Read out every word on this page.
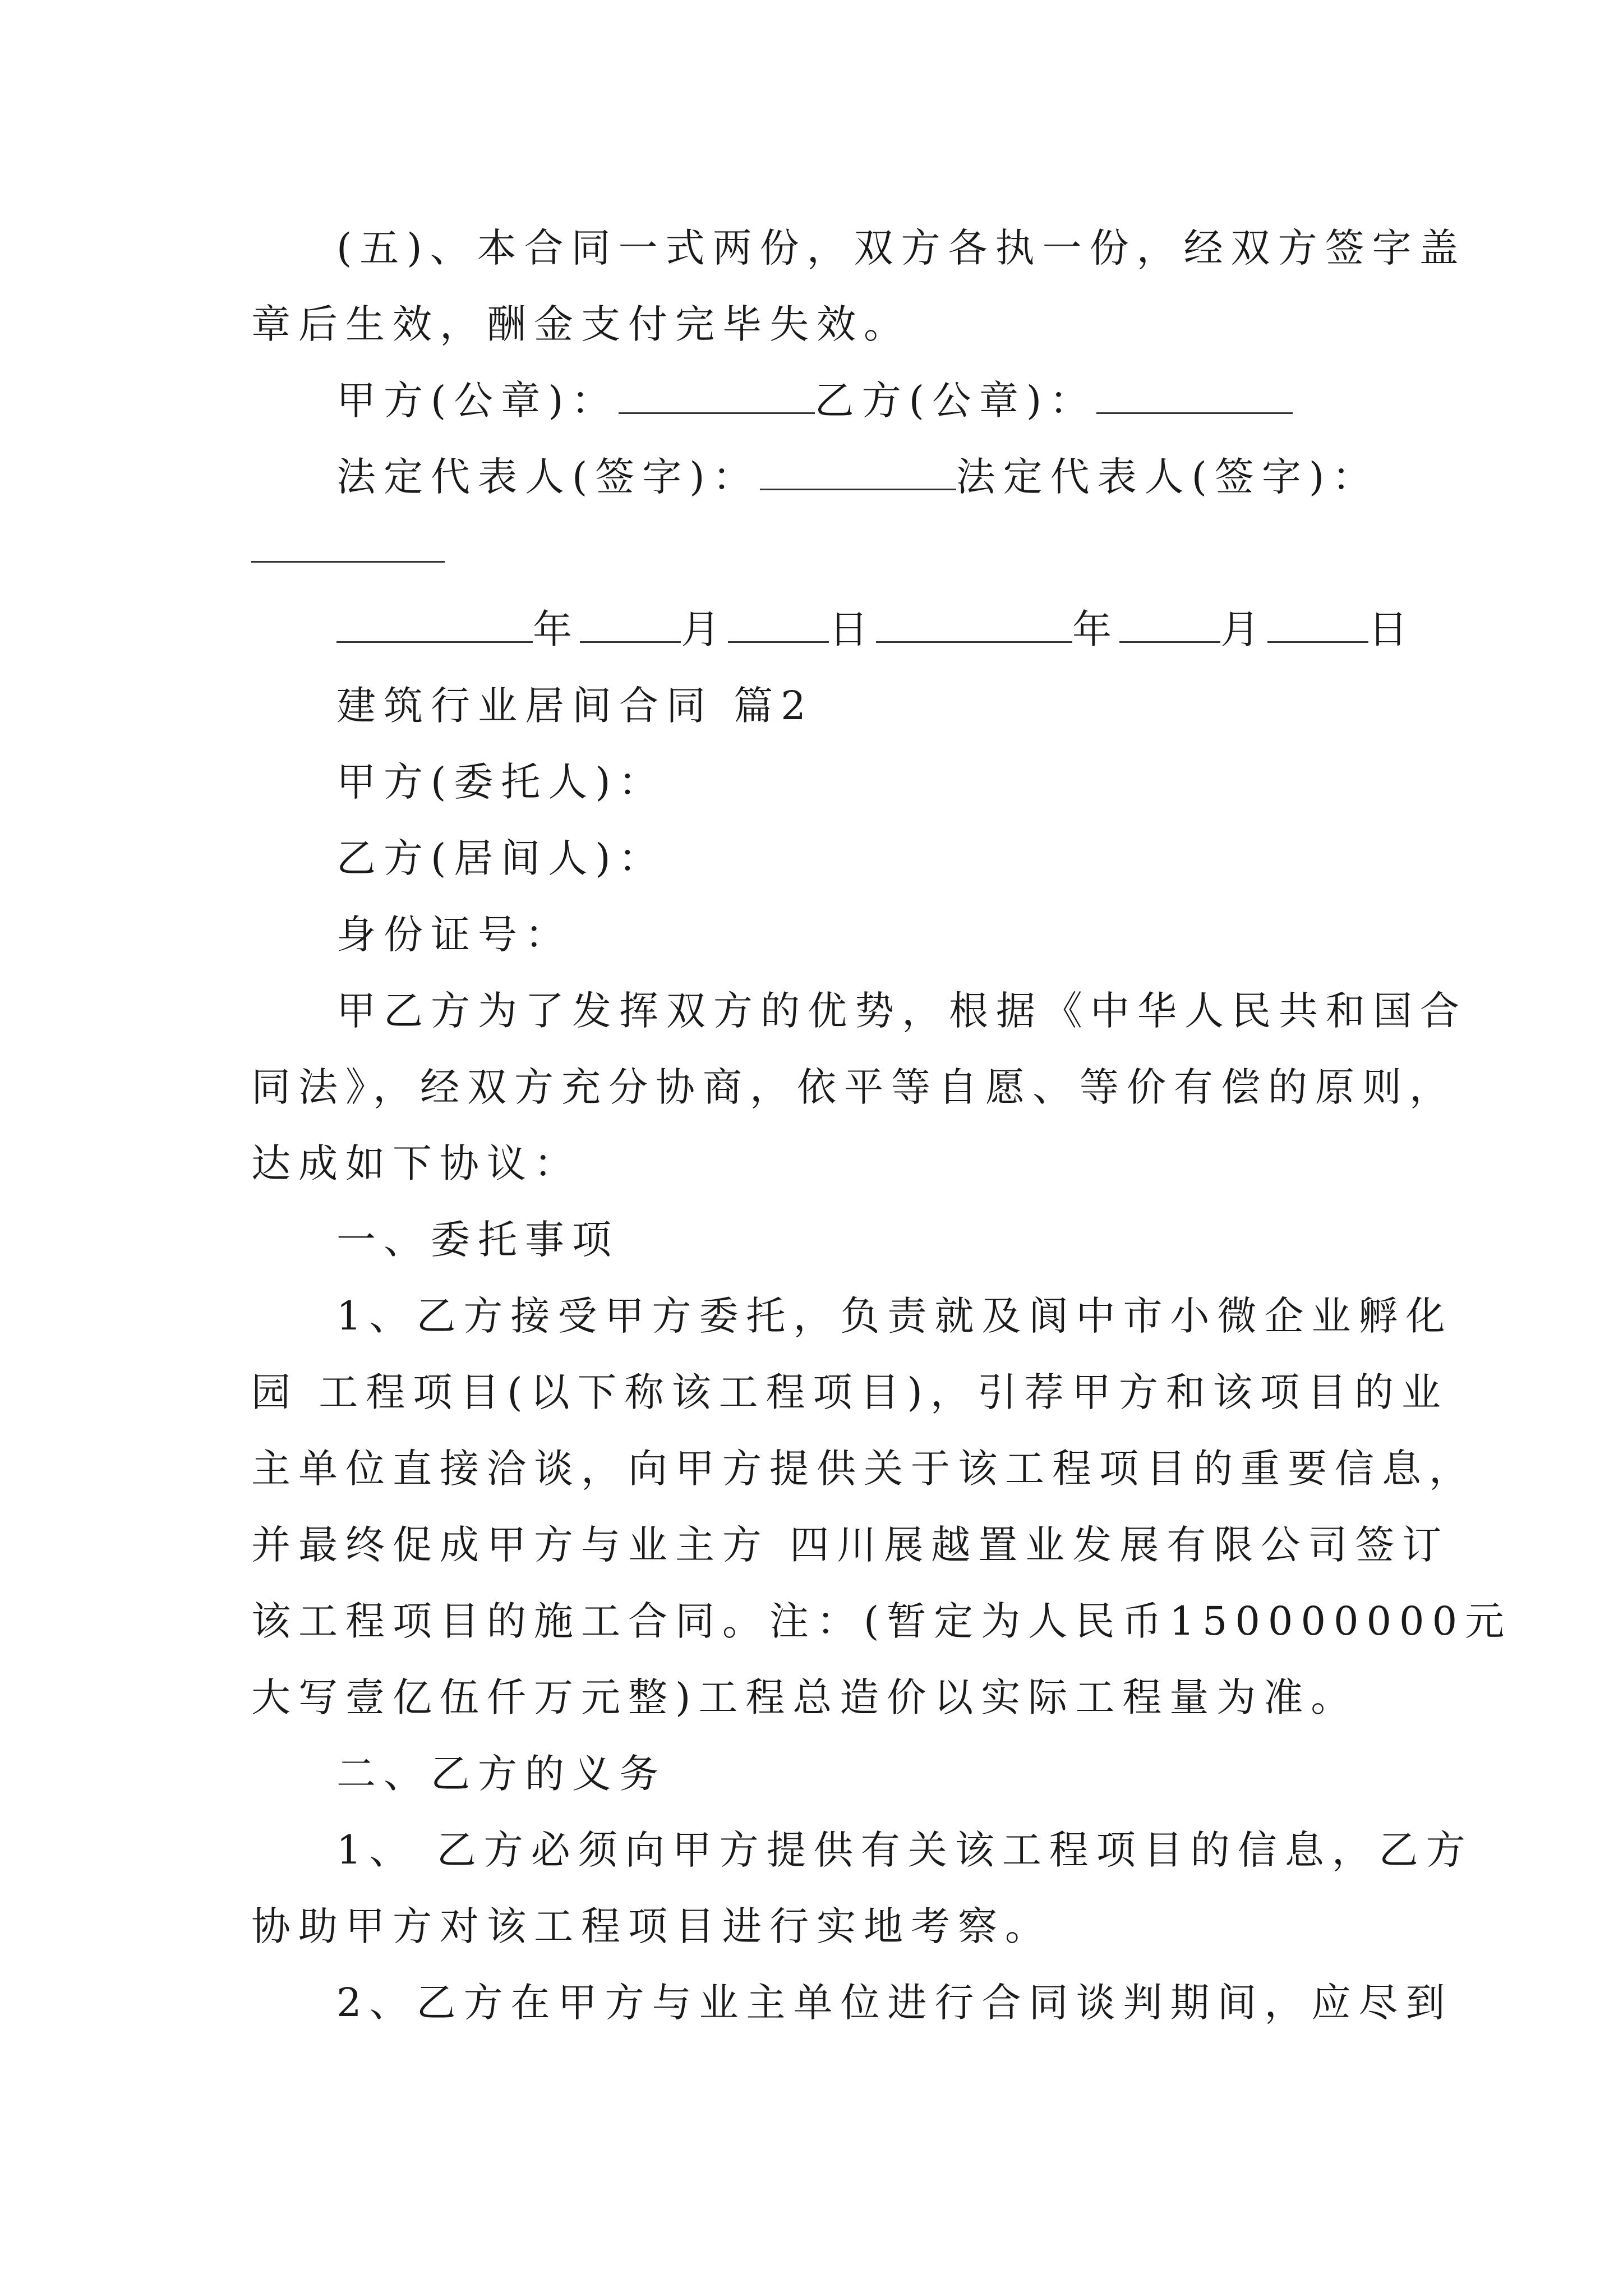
(五)、本合同一式两份，双方各执一份，经双方签字盖
章后生效，酬金支付完毕失效。
甲方(公章)：	乙方(公章)：
法定代表人(签字)：	法定代表人(签字)：
年	月	日	年	月	日
建筑行业居间合同 篇2
甲方(委托人)：
乙方(居间人)：
身份证号：
甲乙方为了发挥双方的优势，根据《中华人民共和国合
同法》，经双方充分协商，依平等自愿、等价有偿的原则，
达成如下协议：
一、委托事项
1、乙方接受甲方委托，负责就及阆中市小微企业孵化
园 工程项目(以下称该工程项目)，引荐甲方和该项目的业
主单位直接洽谈，向甲方提供关于该工程项目的重要信息，
并最终促成甲方与业主方 四川展越置业发展有限公司签订
该工程项目的施工合同。注：(暂定为人民币150000000元
大写壹亿伍仟万元整)工程总造价以实际工程量为准。
二、乙方的义务
1、 乙方必须向甲方提供有关该工程项目的信息，乙方
协助甲方对该工程项目进行实地考察。
2、乙方在甲方与业主单位进行合同谈判期间，应尽到
